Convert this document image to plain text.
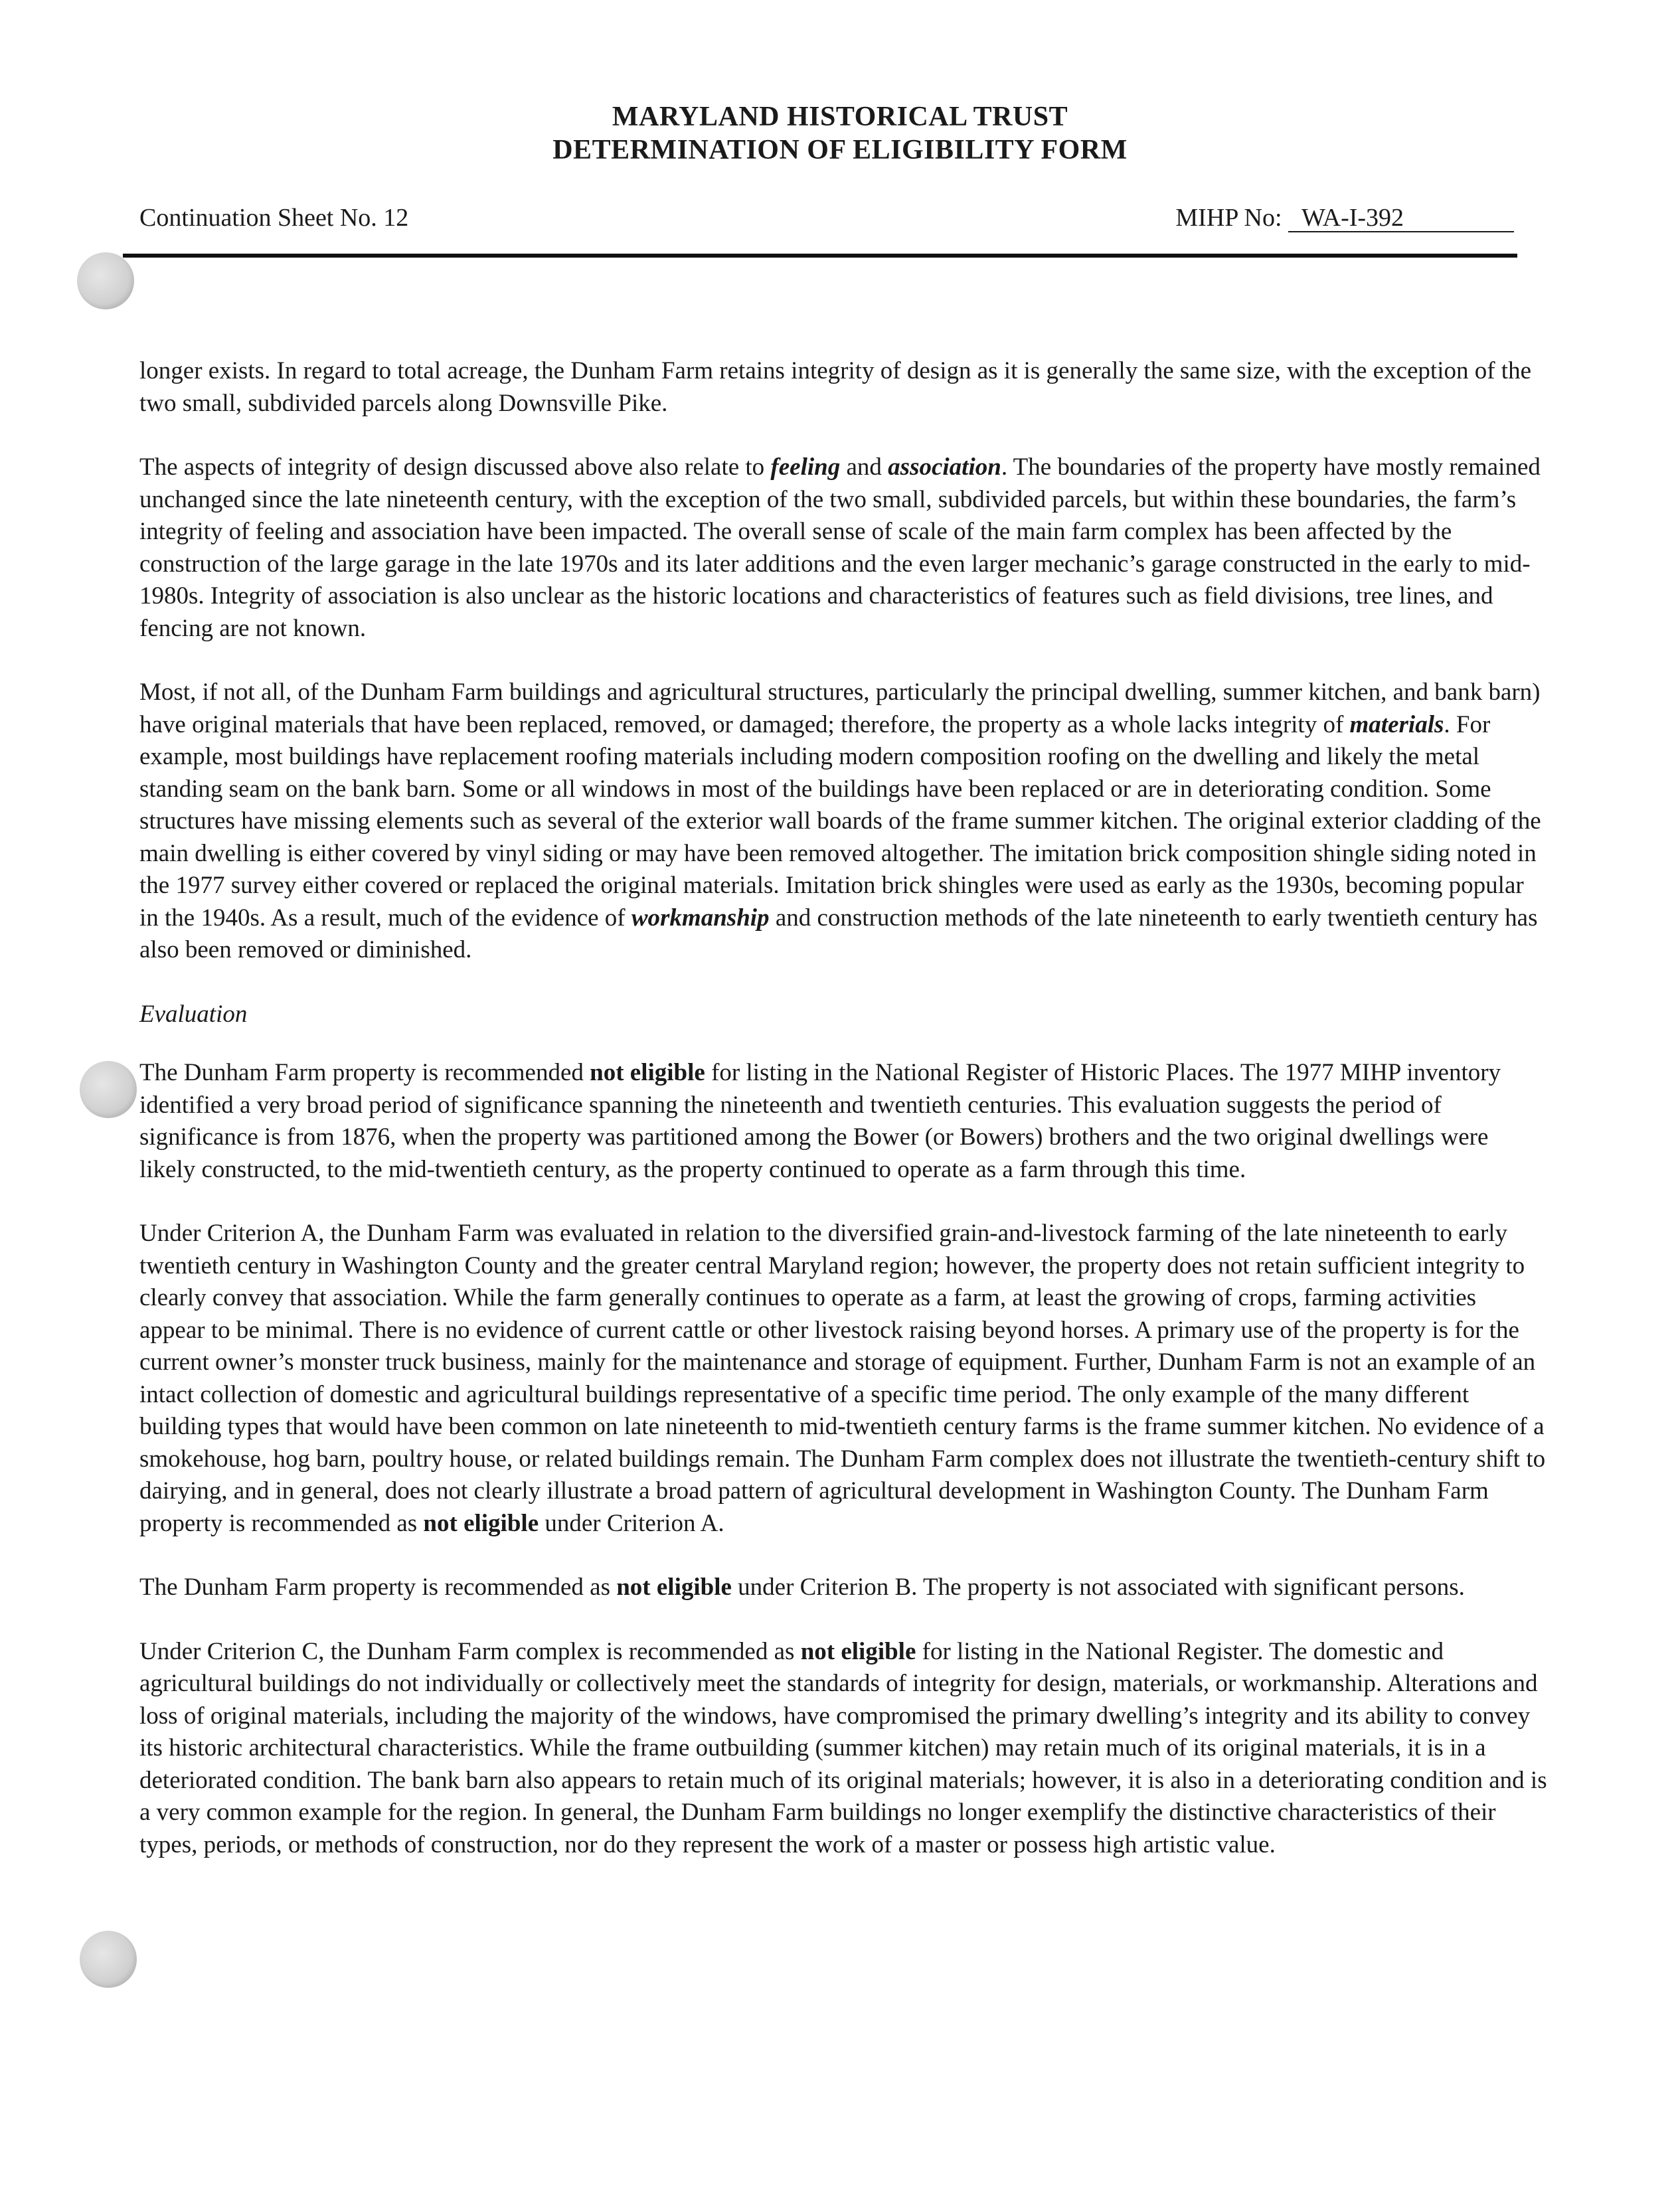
MARYLAND HISTORICAL TRUST
DETERMINATION OF ELIGIBILITY FORM
Continuation Sheet No. 12	MIHP No: WA-I-392

longer exists. In regard to total acreage, the Dunham Farm retains integrity of design as it is generally the same size, with the exception of the two small, subdivided parcels along Downsville Pike.

The aspects of integrity of design discussed above also relate to feeling and association. The boundaries of the property have mostly remained unchanged since the late nineteenth century, with the exception of the two small, subdivided parcels, but within these boundaries, the farm’s integrity of feeling and association have been impacted. The overall sense of scale of the main farm complex has been affected by the construction of the large garage in the late 1970s and its later additions and the even larger mechanic’s garage constructed in the early to mid-1980s. Integrity of association is also unclear as the historic locations and characteristics of features such as field divisions, tree lines, and fencing are not known.

Most, if not all, of the Dunham Farm buildings and agricultural structures, particularly the principal dwelling, summer kitchen, and bank barn) have original materials that have been replaced, removed, or damaged; therefore, the property as a whole lacks integrity of materials. For example, most buildings have replacement roofing materials including modern composition roofing on the dwelling and likely the metal standing seam on the bank barn. Some or all windows in most of the buildings have been replaced or are in deteriorating condition. Some structures have missing elements such as several of the exterior wall boards of the frame summer kitchen. The original exterior cladding of the main dwelling is either covered by vinyl siding or may have been removed altogether. The imitation brick composition shingle siding noted in the 1977 survey either covered or replaced the original materials. Imitation brick shingles were used as early as the 1930s, becoming popular in the 1940s. As a result, much of the evidence of workmanship and construction methods of the late nineteenth to early twentieth century has also been removed or diminished.

Evaluation

The Dunham Farm property is recommended not eligible for listing in the National Register of Historic Places. The 1977 MIHP inventory identified a very broad period of significance spanning the nineteenth and twentieth centuries. This evaluation suggests the period of significance is from 1876, when the property was partitioned among the Bower (or Bowers) brothers and the two original dwellings were likely constructed, to the mid-twentieth century, as the property continued to operate as a farm through this time.

Under Criterion A, the Dunham Farm was evaluated in relation to the diversified grain-and-livestock farming of the late nineteenth to early twentieth century in Washington County and the greater central Maryland region; however, the property does not retain sufficient integrity to clearly convey that association. While the farm generally continues to operate as a farm, at least the growing of crops, farming activities appear to be minimal. There is no evidence of current cattle or other livestock raising beyond horses. A primary use of the property is for the current owner’s monster truck business, mainly for the maintenance and storage of equipment. Further, Dunham Farm is not an example of an intact collection of domestic and agricultural buildings representative of a specific time period. The only example of the many different building types that would have been common on late nineteenth to mid-twentieth century farms is the frame summer kitchen. No evidence of a smokehouse, hog barn, poultry house, or related buildings remain. The Dunham Farm complex does not illustrate the twentieth-century shift to dairying, and in general, does not clearly illustrate a broad pattern of agricultural development in Washington County. The Dunham Farm property is recommended as not eligible under Criterion A.

The Dunham Farm property is recommended as not eligible under Criterion B. The property is not associated with significant persons.

Under Criterion C, the Dunham Farm complex is recommended as not eligible for listing in the National Register. The domestic and agricultural buildings do not individually or collectively meet the standards of integrity for design, materials, or workmanship. Alterations and loss of original materials, including the majority of the windows, have compromised the primary dwelling’s integrity and its ability to convey its historic architectural characteristics. While the frame outbuilding (summer kitchen) may retain much of its original materials, it is in a deteriorated condition. The bank barn also appears to retain much of its original materials; however, it is also in a deteriorating condition and is a very common example for the region. In general, the Dunham Farm buildings no longer exemplify the distinctive characteristics of their types, periods, or methods of construction, nor do they represent the work of a master or possess high artistic value.
